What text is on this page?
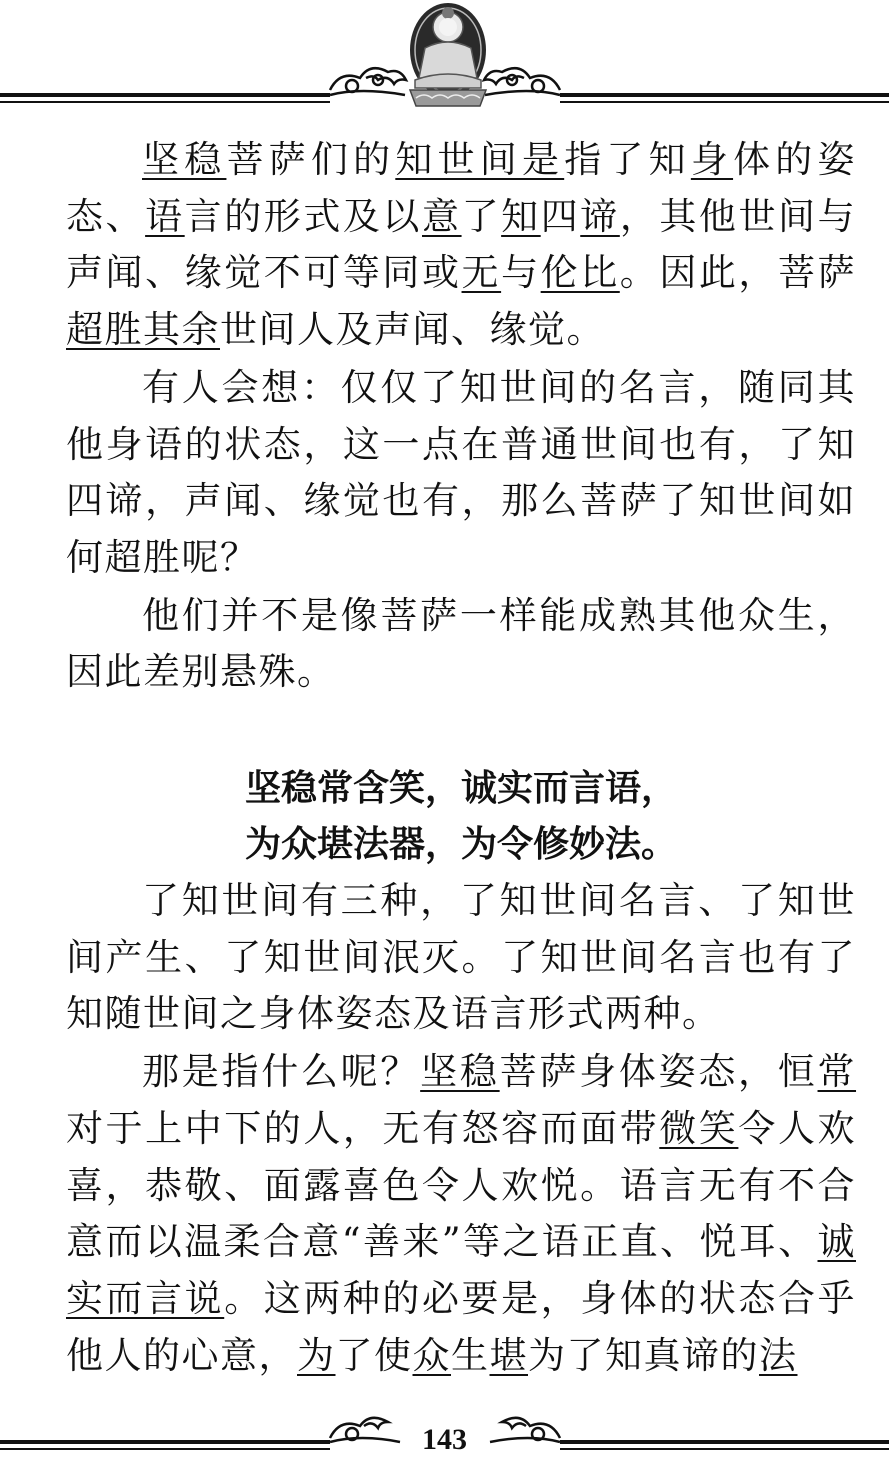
坚稳菩萨们的知世间是指了知身体的姿态、语言的形式及以意了知四谛，其他世间与声闻、缘觉不可等同或无与伦比。因此，菩萨超胜其余世间人及声闻、缘觉。

有人会想：仅仅了知世间的名言，随同其他身语的状态，这一点在普通世间也有，了知四谛，声闻、缘觉也有，那么菩萨了知世间如何超胜呢？

他们并不是像菩萨一样能成熟其他众生，因此差别悬殊。

坚稳常含笑，诚实而言语，
为众堪法器，为令修妙法。

了知世间有三种，了知世间名言、了知世间产生、了知世间泯灭。了知世间名言也有了知随世间之身体姿态及语言形式两种。

那是指什么呢？坚稳菩萨身体姿态，恒常对于上中下的人，无有怒容而面带微笑令人欢喜，恭敬、面露喜色令人欢悦。语言无有不合意而以温柔合意“善来”等之语正直、悦耳、诚实而言说。这两种的必要是，身体的状态合乎他人的心意，为了使众生堪为了知真谛的法

143
